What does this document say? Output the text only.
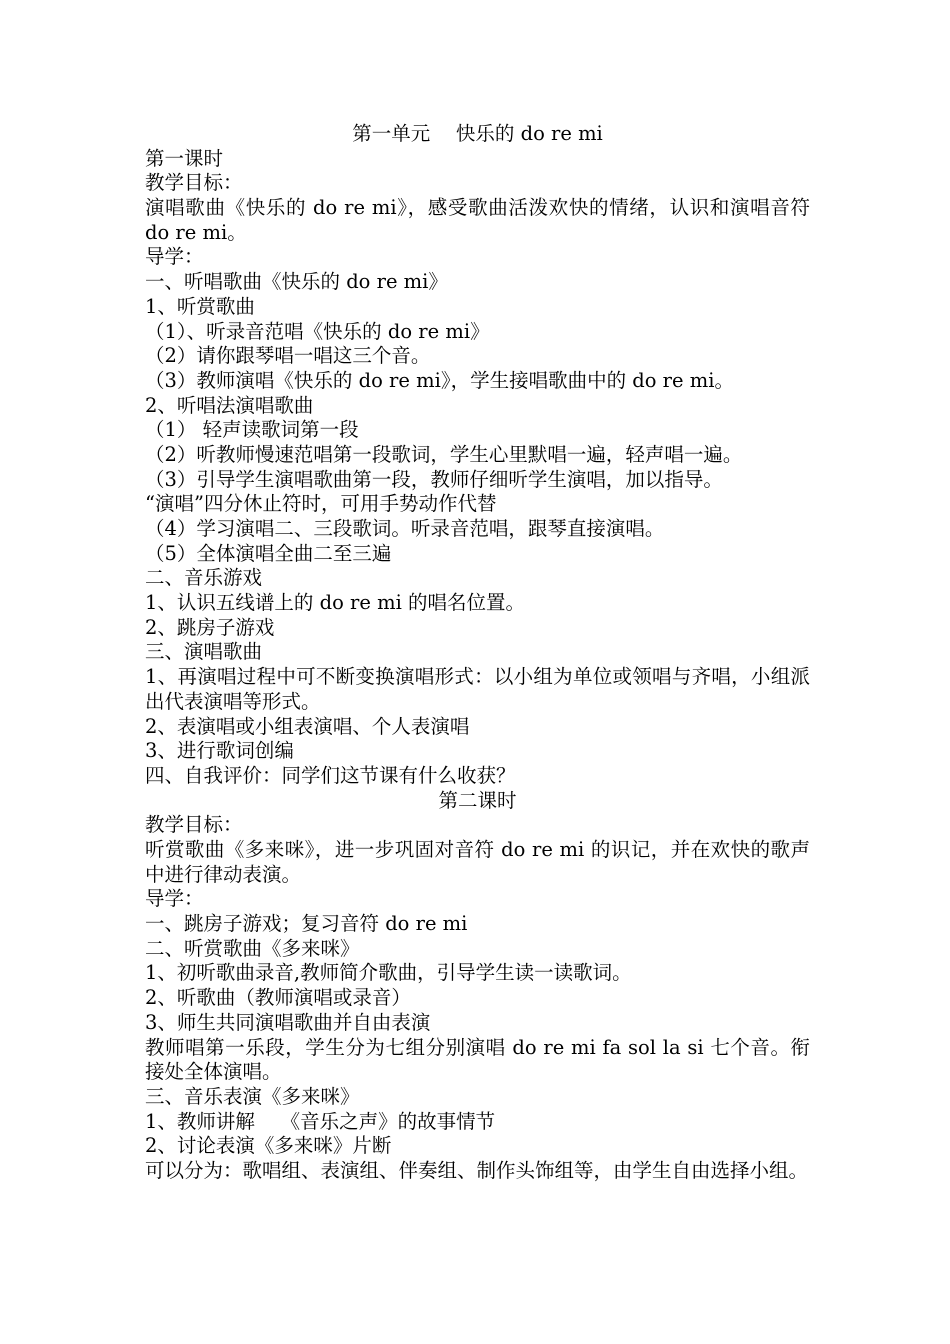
第一单元　 快乐的 do re mi
第一课时
教学目标：
演唱歌曲《快乐的 do re mi》，感受歌曲活泼欢快的情绪，认识和演唱音符 do re mi。
导学：
一、听唱歌曲《快乐的 do re mi》
1、听赏歌曲
（1）、听录音范唱《快乐的 do re mi》
（2）请你跟琴唱一唱这三个音。
（3）教师演唱《快乐的 do re mi》，学生接唱歌曲中的 do re mi。
2、听唱法演唱歌曲
（1） 轻声读歌词第一段
（2）听教师慢速范唱第一段歌词，学生心里默唱一遍，轻声唱一遍。
（3）引导学生演唱歌曲第一段，教师仔细听学生演唱，加以指导。
“演唱”四分休止符时，可用手势动作代替
（4）学习演唱二、三段歌词。听录音范唱，跟琴直接演唱。
（5）全体演唱全曲二至三遍
二、音乐游戏
1、认识五线谱上的 do re mi 的唱名位置。
2、跳房子游戏
三、演唱歌曲
1、再演唱过程中可不断变换演唱形式：以小组为单位或领唱与齐唱，小组派出代表演唱等形式。
2、表演唱或小组表演唱、个人表演唱
3、进行歌词创编
四、自我评价：同学们这节课有什么收获？
第二课时
教学目标：
听赏歌曲《多来咪》，进一步巩固对音符 do re mi 的识记，并在欢快的歌声中进行律动表演。
导学：
一、跳房子游戏；复习音符 do re mi
二、听赏歌曲《多来咪》
1、初听歌曲录音,教师简介歌曲，引导学生读一读歌词。
2、听歌曲（教师演唱或录音）
3、师生共同演唱歌曲并自由表演
教师唱第一乐段，学生分为七组分别演唱 do re mi fa sol la si 七个音。衔接处全体演唱。
三、音乐表演《多来咪》
1、教师讲解　 《音乐之声》的故事情节
2、讨论表演《多来咪》片断
可以分为：歌唱组、表演组、伴奏组、制作头饰组等，由学生自由选择小组。
